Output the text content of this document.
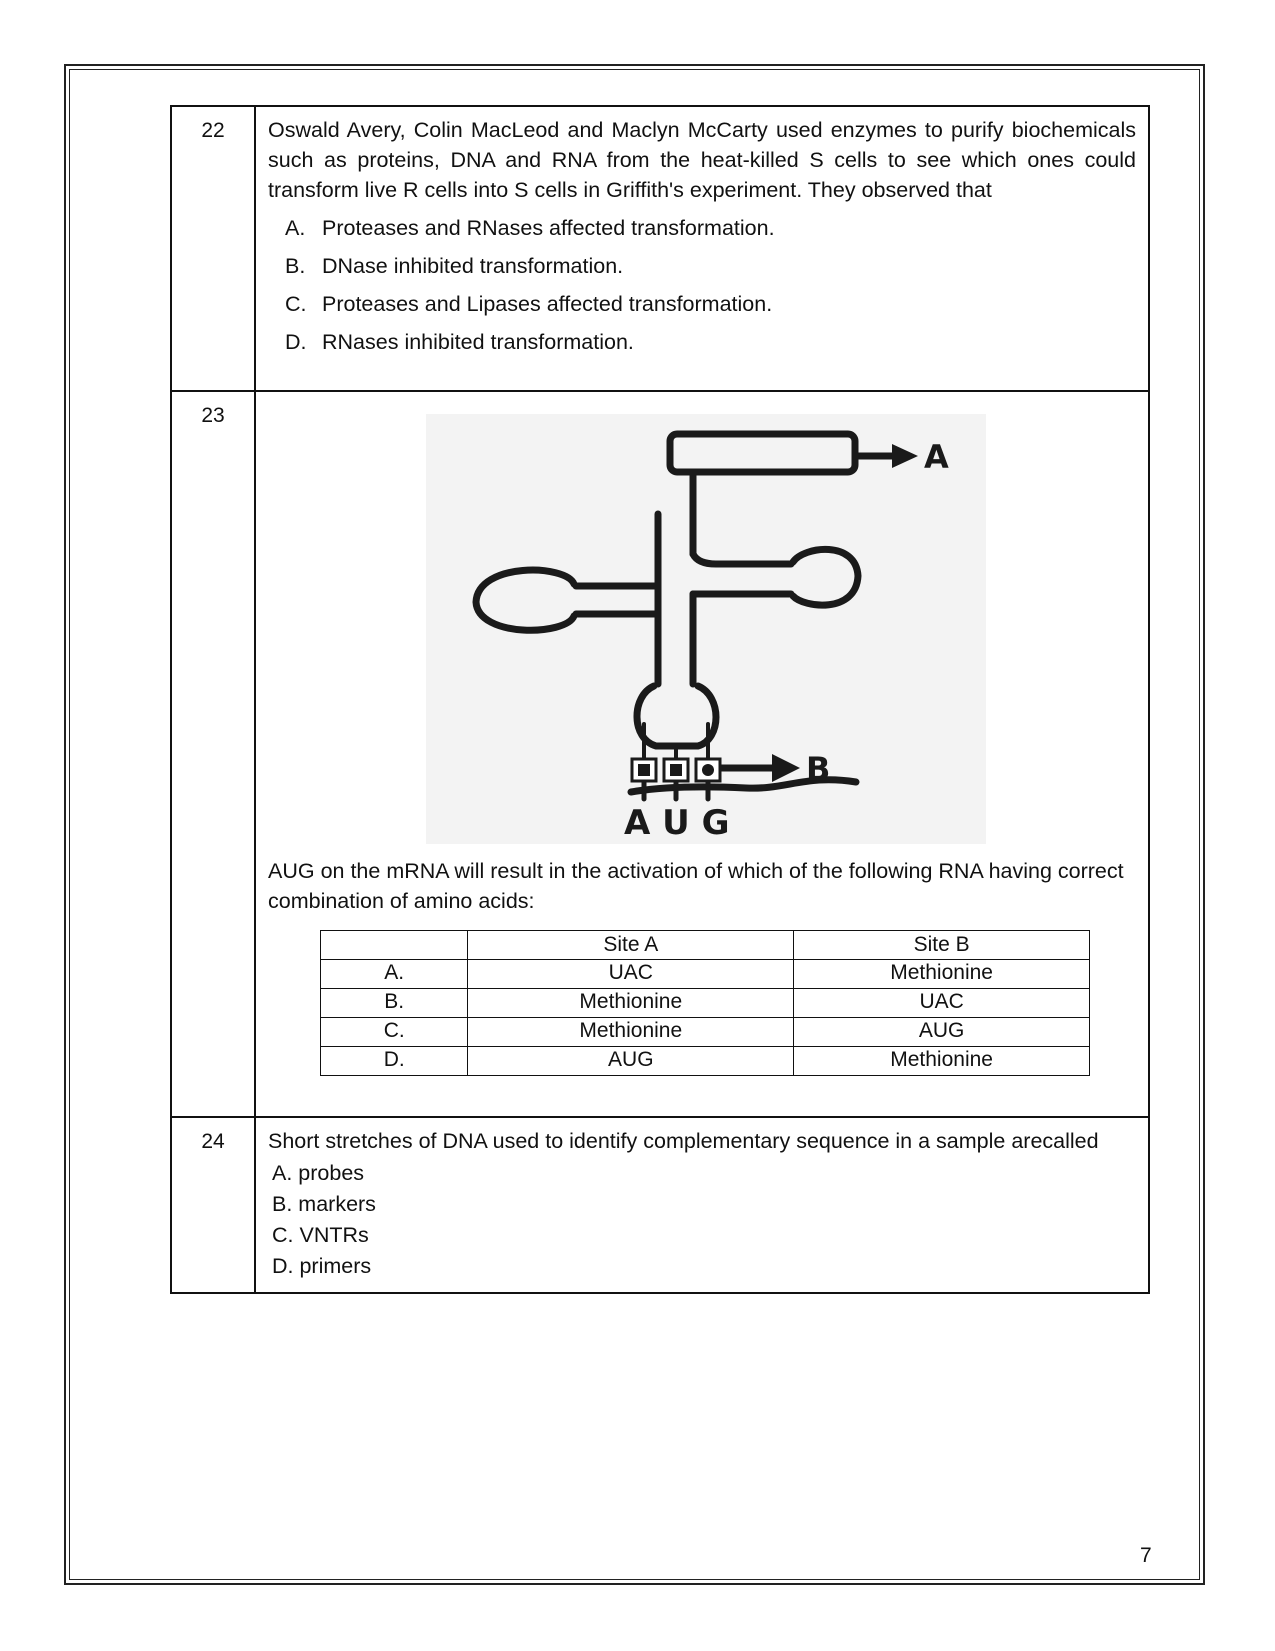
22	Oswald Avery, Colin MacLeod and Maclyn McCarty used enzymes to purify biochemicals such as proteins, DNA and RNA from the heat-killed S cells to see which ones could transform live R cells into S cells in Griffith's experiment. They observed that

A. Proteases and RNases affected transformation.
B. DNase inhibited transformation.
C. Proteases and Lipases affected transformation.
D. RNases inhibited transformation.

23	
A
B
A U G

AUG on the mRNA will result in the activation of which of the following RNA having correct combination of amino acids:

	Site A	Site B
A.	UAC	Methionine
B.	Methionine	UAC
C.	Methionine	AUG
D.	AUG	Methionine

24	Short stretches of DNA used to identify complementary sequence in a sample arecalled

A. probes
B. markers
C. VNTRs
D. primers
7
